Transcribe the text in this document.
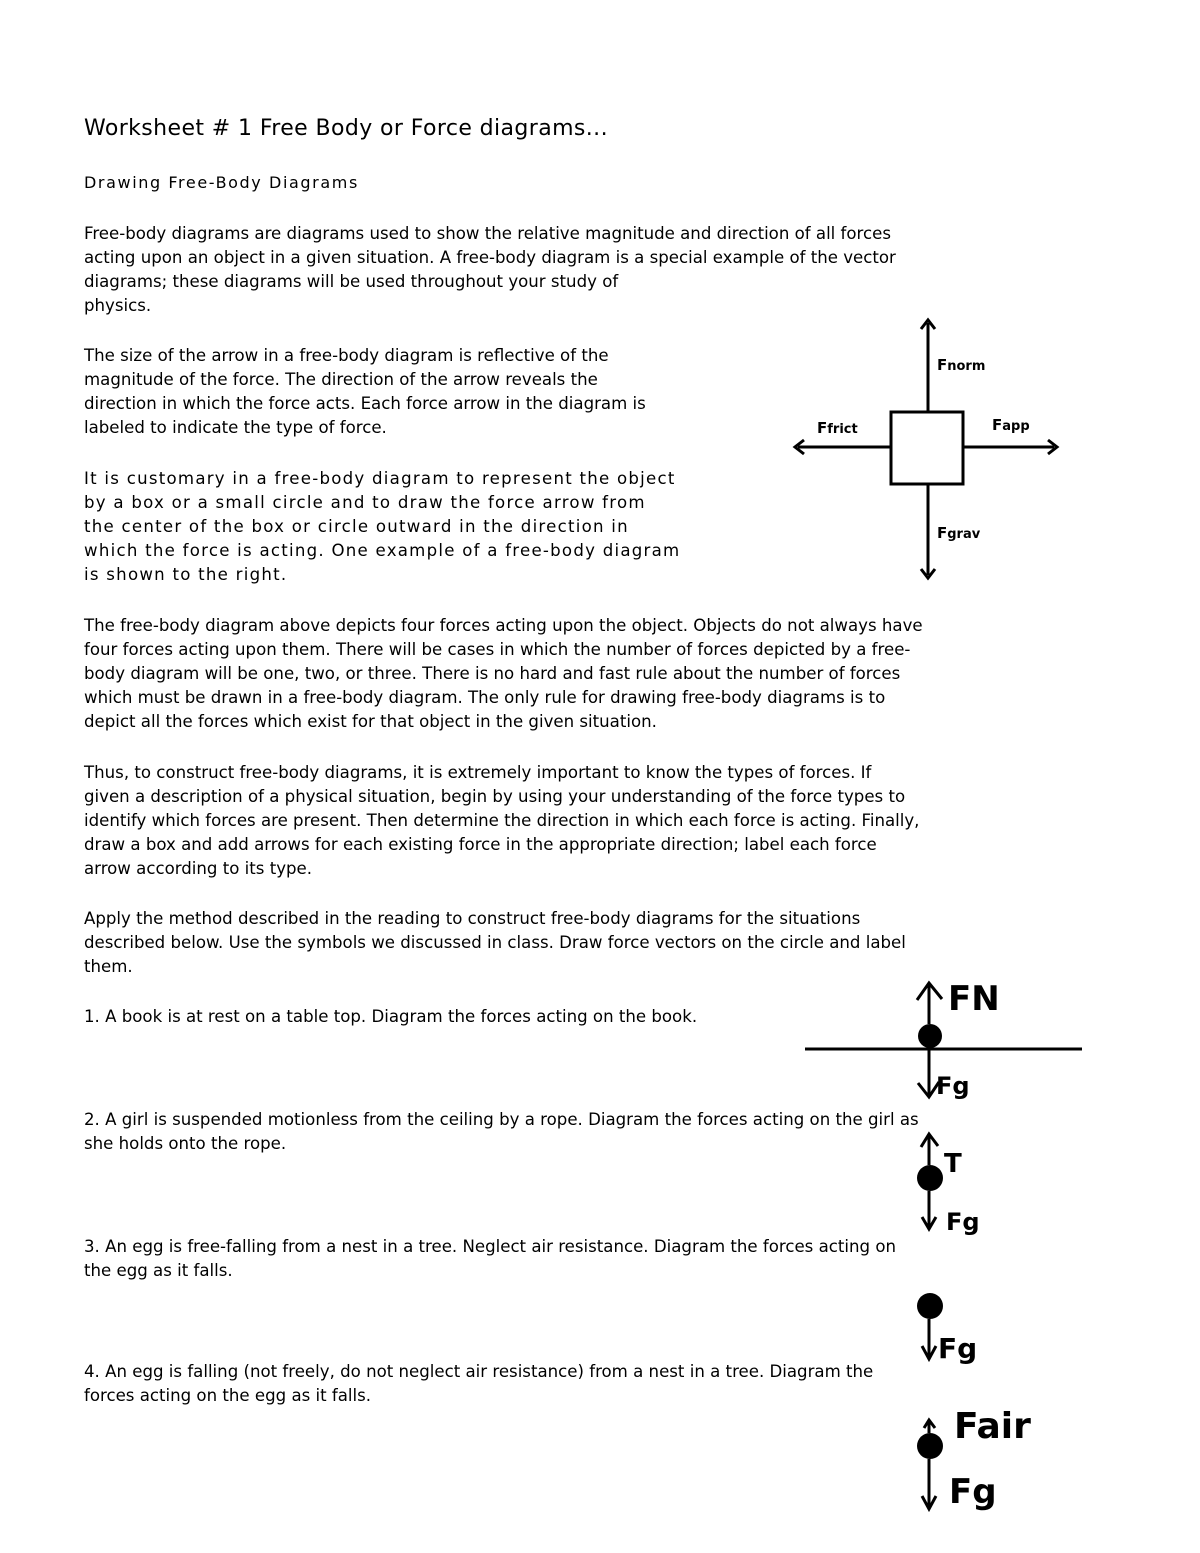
Worksheet # 1 Free Body or Force diagrams...
Drawing Free-Body Diagrams
Free-body diagrams are diagrams used to show the relative magnitude and direction of all forces
acting upon an object in a given situation. A free-body diagram is a special example of the vector
diagrams; these diagrams will be used throughout your study of
physics.
The size of the arrow in a free-body diagram is reflective of the
magnitude of the force. The direction of the arrow reveals the
direction in which the force acts. Each force arrow in the diagram is
labeled to indicate the type of force.
It is customary in a free-body diagram to represent the object
by a box or a small circle and to draw the force arrow from
the center of the box or circle outward in the direction in
which the force is acting. One example of a free-body diagram
is shown to the right.
The free-body diagram above depicts four forces acting upon the object. Objects do not always have
four forces acting upon them. There will be cases in which the number of forces depicted by a free-
body diagram will be one, two, or three. There is no hard and fast rule about the number of forces
which must be drawn in a free-body diagram. The only rule for drawing free-body diagrams is to
depict all the forces which exist for that object in the given situation.
Thus, to construct free-body diagrams, it is extremely important to know the types of forces. If
given a description of a physical situation, begin by using your understanding of the force types to
identify which forces are present. Then determine the direction in which each force is acting. Finally,
draw a box and add arrows for each existing force in the appropriate direction; label each force
arrow according to its type.
Apply the method described in the reading to construct free-body diagrams for the situations
described below. Use the symbols we discussed in class. Draw force vectors on the circle and label
them.
1. A book is at rest on a table top. Diagram the forces acting on the book.
2. A girl is suspended motionless from the ceiling by a rope. Diagram the forces acting on the girl as
she holds onto the rope.
3. An egg is free-falling from a nest in a tree. Neglect air resistance. Diagram the forces acting on
the egg as it falls.
4. An egg is falling (not freely, do not neglect air resistance) from a nest in a tree. Diagram the
forces acting on the egg as it falls.
Fnorm
Ffrict	Fapp
Fgrav
FN
Fg
T
Fg
Fg
Fair
Fg
